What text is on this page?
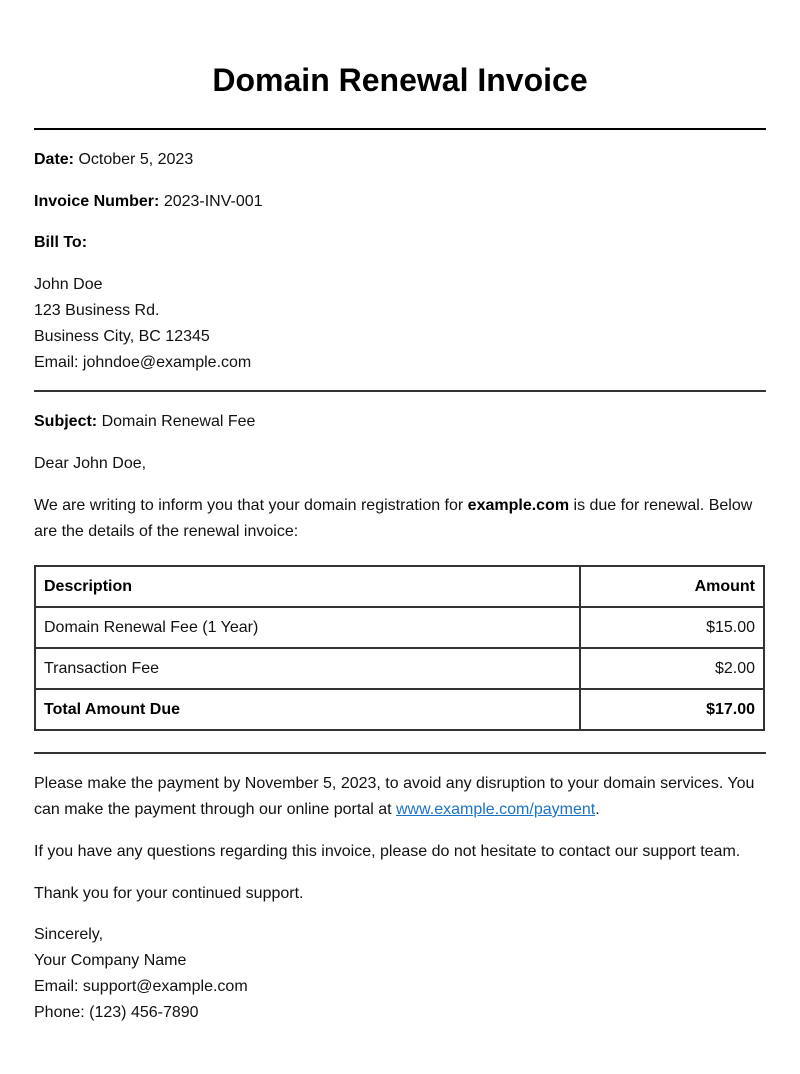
Domain Renewal Invoice

Date: October 5, 2023

Invoice Number: 2023-INV-001

Bill To:

John Doe
123 Business Rd.
Business City, BC 12345
Email: johndoe@example.com

Subject: Domain Renewal Fee

Dear John Doe,

We are writing to inform you that your domain registration for example.com is due for renewal. Below are the details of the renewal invoice:

Description	Amount
Domain Renewal Fee (1 Year)	$15.00
Transaction Fee	$2.00
Total Amount Due	$17.00

Please make the payment by November 5, 2023, to avoid any disruption to your domain services. You can make the payment through our online portal at www.example.com/payment.

If you have any questions regarding this invoice, please do not hesitate to contact our support team.

Thank you for your continued support.

Sincerely,
Your Company Name
Email: support@example.com
Phone: (123) 456-7890
